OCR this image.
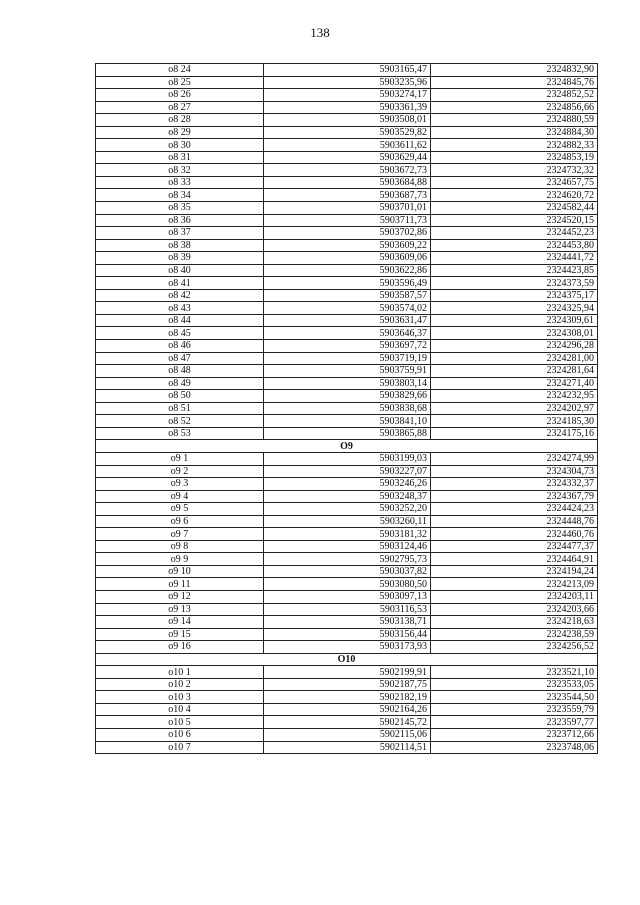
138
о8 24	5903165,47	2324832,90
о8 25	5903235,96	2324845,76
о8 26	5903274,17	2324852,52
о8 27	5903361,39	2324856,66
о8 28	5903508,01	2324880,59
о8 29	5903529,82	2324884,30
о8 30	5903611,62	2324882,33
о8 31	5903629,44	2324853,19
о8 32	5903672,73	2324732,32
о8 33	5903684,88	2324657,75
о8 34	5903687,73	2324620,72
о8 35	5903701,01	2324582,44
о8 36	5903711,73	2324520,15
о8 37	5903702,86	2324452,23
о8 38	5903609,22	2324453,80
о8 39	5903609,06	2324441,72
о8 40	5903622,86	2324423,85
о8 41	5903596,49	2324373,59
о8 42	5903587,57	2324375,17
о8 43	5903574,02	2324325,94
о8 44	5903631,47	2324309,61
о8 45	5903646,37	2324308,01
о8 46	5903697,72	2324296,28
о8 47	5903719,19	2324281,00
о8 48	5903759,91	2324281,64
о8 49	5903803,14	2324271,40
о8 50	5903829,66	2324232,95
о8 51	5903838,68	2324202,97
о8 52	5903841,10	2324185,30
о8 53	5903865,88	2324175,16
О9		
о9 1	5903199,03	2324274,99
о9 2	5903227,07	2324304,73
о9 3	5903246,26	2324332,37
о9 4	5903248,37	2324367,79
о9 5	5903252,20	2324424,23
о9 6	5903260,11	2324448,76
о9 7	5903181,32	2324460,76
о9 8	5903124,46	2324477,37
о9 9	5902795,73	2324464,91
о9 10	5903037,82	2324194,24
о9 11	5903080,50	2324213,09
о9 12	5903097,13	2324203,11
о9 13	5903116,53	2324203,66
о9 14	5903138,71	2324218,63
о9 15	5903156,44	2324238,59
о9 16	5903173,93	2324256,52
О10		
о10 1	5902199,91	2323521,10
о10 2	5902187,75	2323533,05
о10 3	5902182,19	2323544,50
о10 4	5902164,26	2323559,79
о10 5	5902145,72	2323597,77
о10 6	5902115,06	2323712,66
о10 7	5902114,51	2323748,06
